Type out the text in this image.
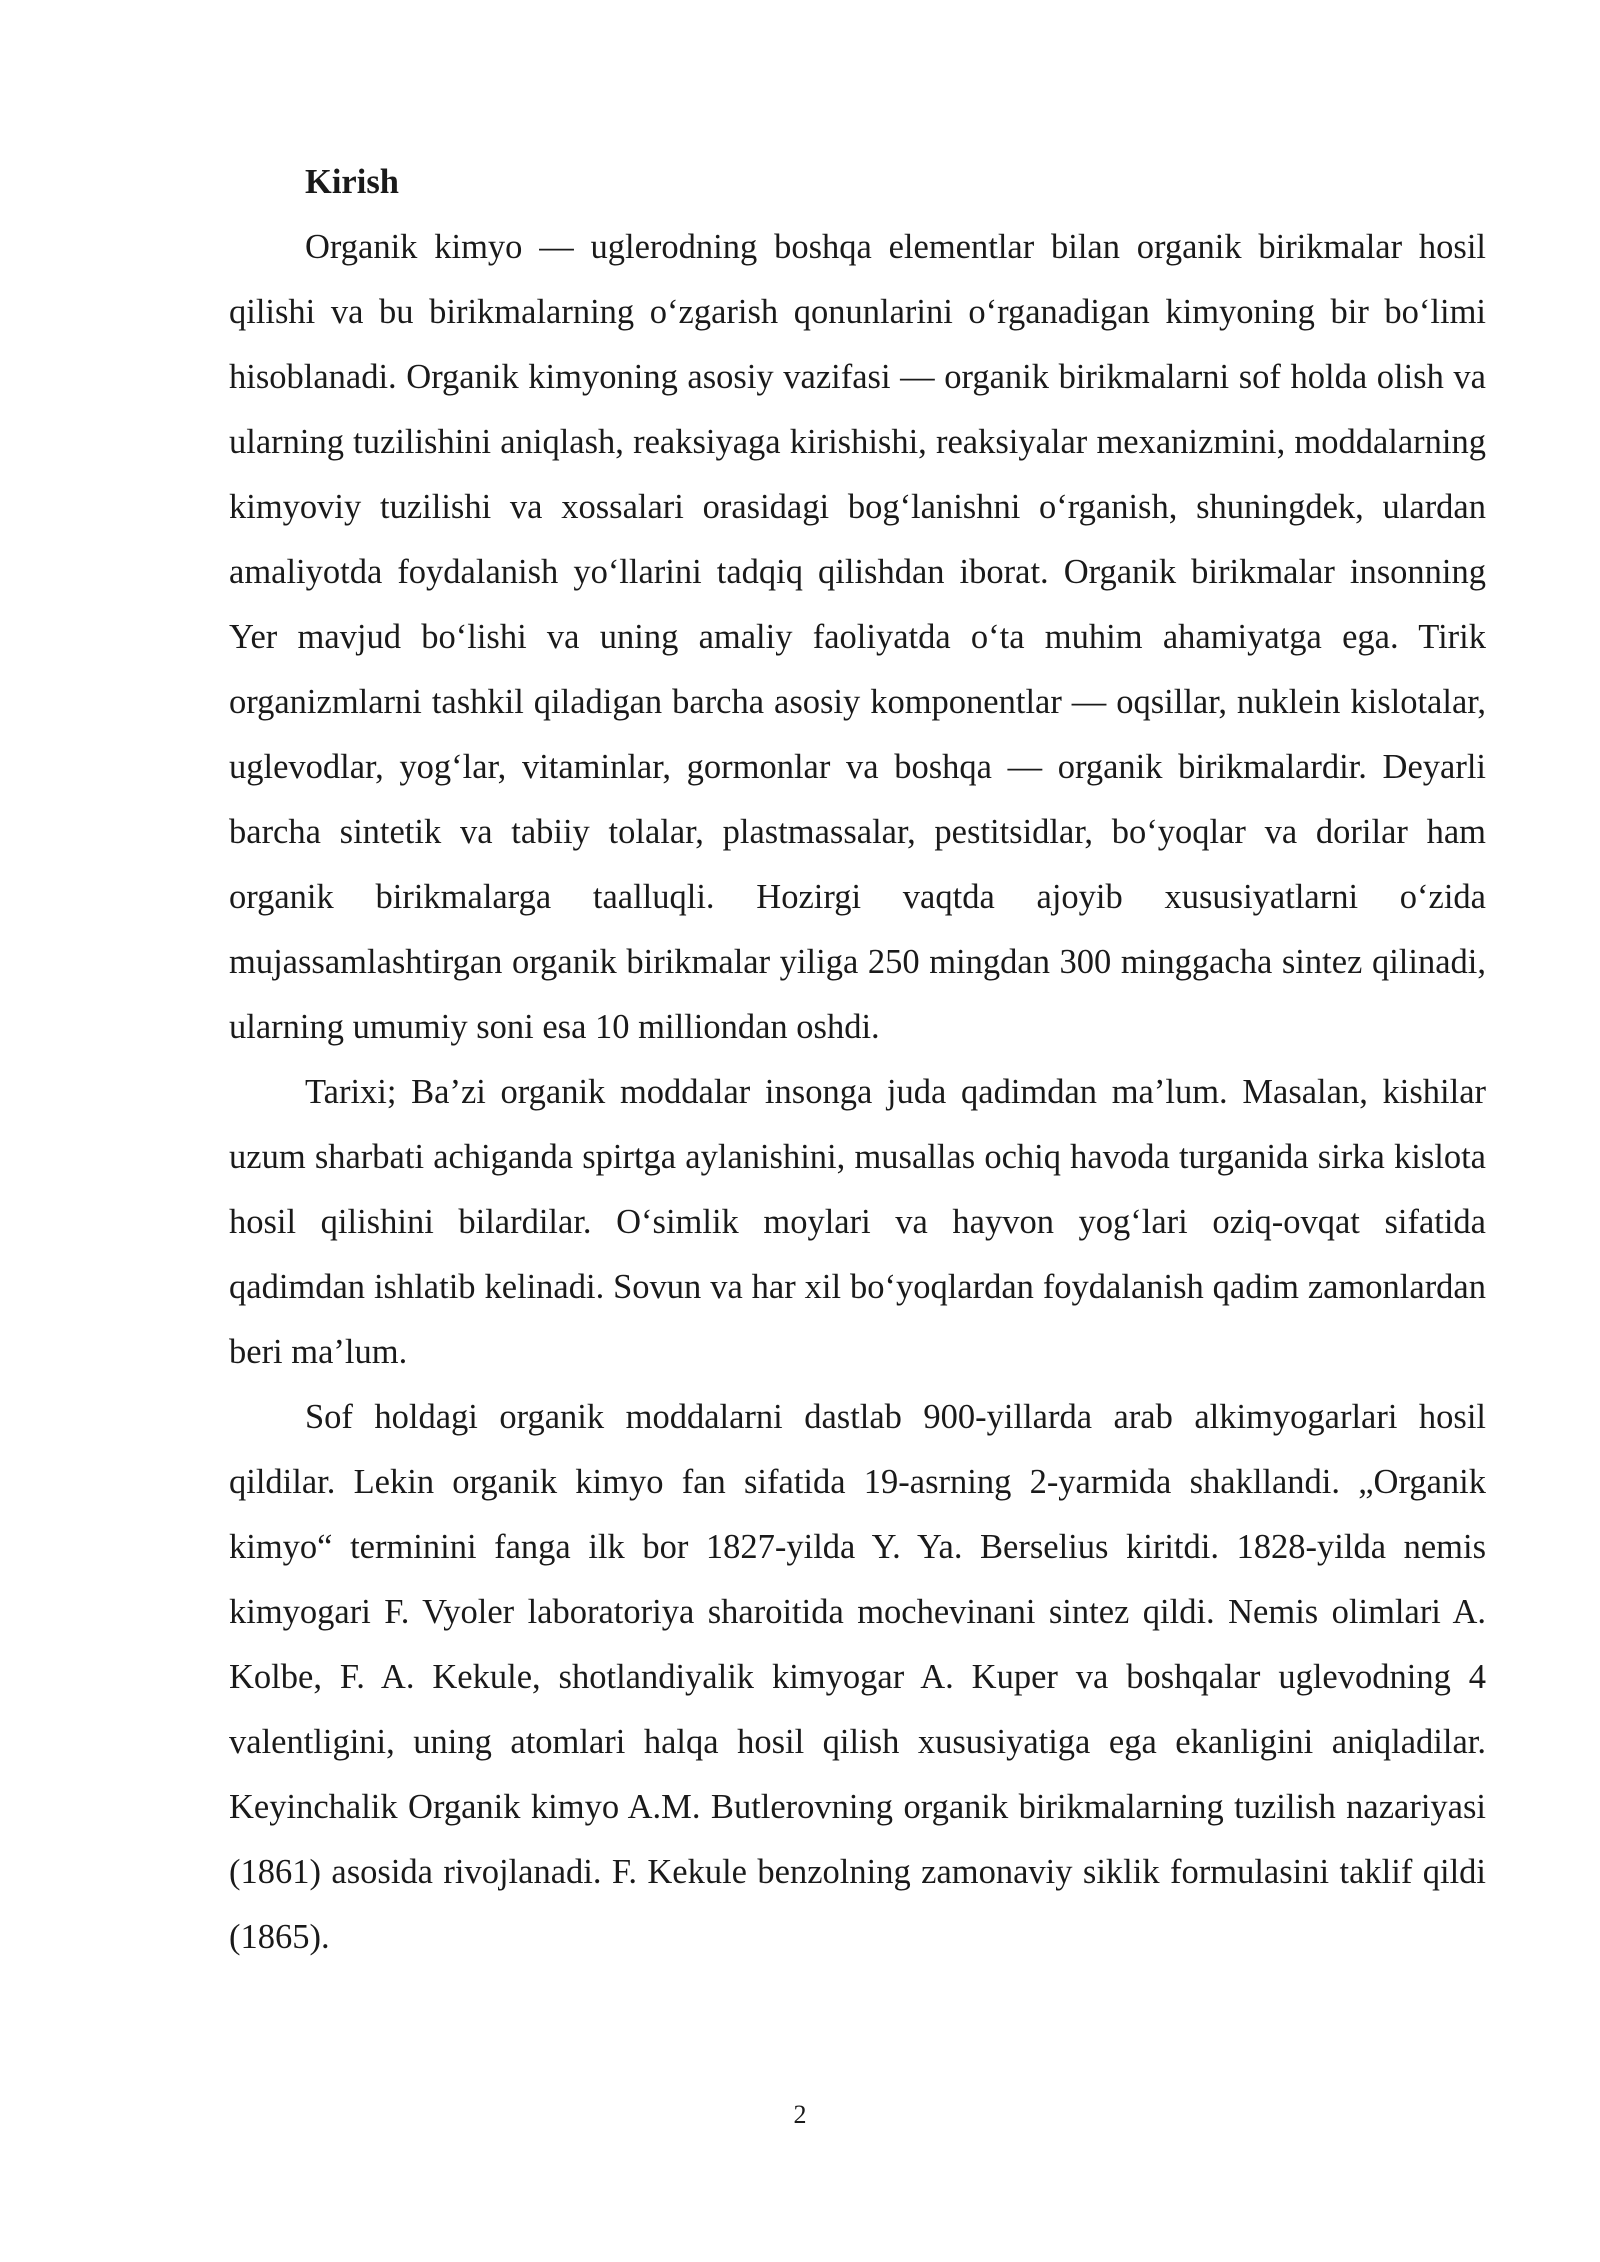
Kirish

Organik kimyo — uglerodning boshqa elementlar bilan organik birikmalar hosil qilishi va bu birikmalarning o‘zgarish qonunlarini o‘rganadigan kimyoning bir bo‘limi hisoblanadi. Organik kimyoning asosiy vazifasi — organik birikmalarni sof holda olish va ularning tuzilishini aniqlash, reaksiyaga kirishishi, reaksiyalar mexanizmini, moddalarning kimyoviy tuzilishi va xossalari orasidagi bog‘lanishni o‘rganish, shuningdek, ulardan amaliyotda foydalanish yo‘llarini tadqiq qilishdan iborat. Organik birikmalar insonning Yer mavjud bo‘lishi va uning amaliy faoliyatda o‘ta muhim ahamiyatga ega. Tirik organizmlarni tashkil qiladigan barcha asosiy komponentlar — oqsillar, nuklein kislotalar, uglevodlar, yog‘lar, vitaminlar, gormonlar va boshqa — organik birikmalardir. Deyarli barcha sintetik va tabiiy tolalar, plastmassalar, pestitsidlar, bo‘yoqlar va dorilar ham organik birikmalarga taalluqli. Hozirgi vaqtda ajoyib xususiyatlarni o‘zida mujassamlashtirgan organik birikmalar yiliga 250 mingdan 300 minggacha sintez qilinadi, ularning umumiy soni esa 10 milliondan oshdi.

Tarixi; Ba’zi organik moddalar insonga juda qadimdan ma’lum. Masalan, kishilar uzum sharbati achiganda spirtga aylanishini, musallas ochiq havoda turganida sirka kislota hosil qilishini bilardilar. O‘simlik moylari va hayvon yog‘lari oziq-ovqat sifatida qadimdan ishlatib kelinadi. Sovun va har xil bo‘yoqlardan foydalanish qadim zamonlardan beri ma’lum.

Sof holdagi organik moddalarni dastlab 900-yillarda arab alkimyogarlari hosil qildilar. Lekin organik kimyo fan sifatida 19-asrning 2-yarmida shakllandi. „Organik kimyo“ terminini fanga ilk bor 1827-yilda Y. Ya. Berselius kiritdi. 1828-yilda nemis kimyogari F. Vyoler laboratoriya sharoitida mochevinani sintez qildi. Nemis olimlari A. Kolbe, F. A. Kekule, shotlandiyalik kimyogar A. Kuper va boshqalar uglevodning 4 valentligini, uning atomlari halqa hosil qilish xususiyatiga ega ekanligini aniqladilar. Keyinchalik Organik kimyo A.M. Butlerovning organik birikmalarning tuzilish nazariyasi (1861) asosida rivojlanadi. F. Kekule benzolning zamonaviy siklik formulasini taklif qildi (1865).

2
